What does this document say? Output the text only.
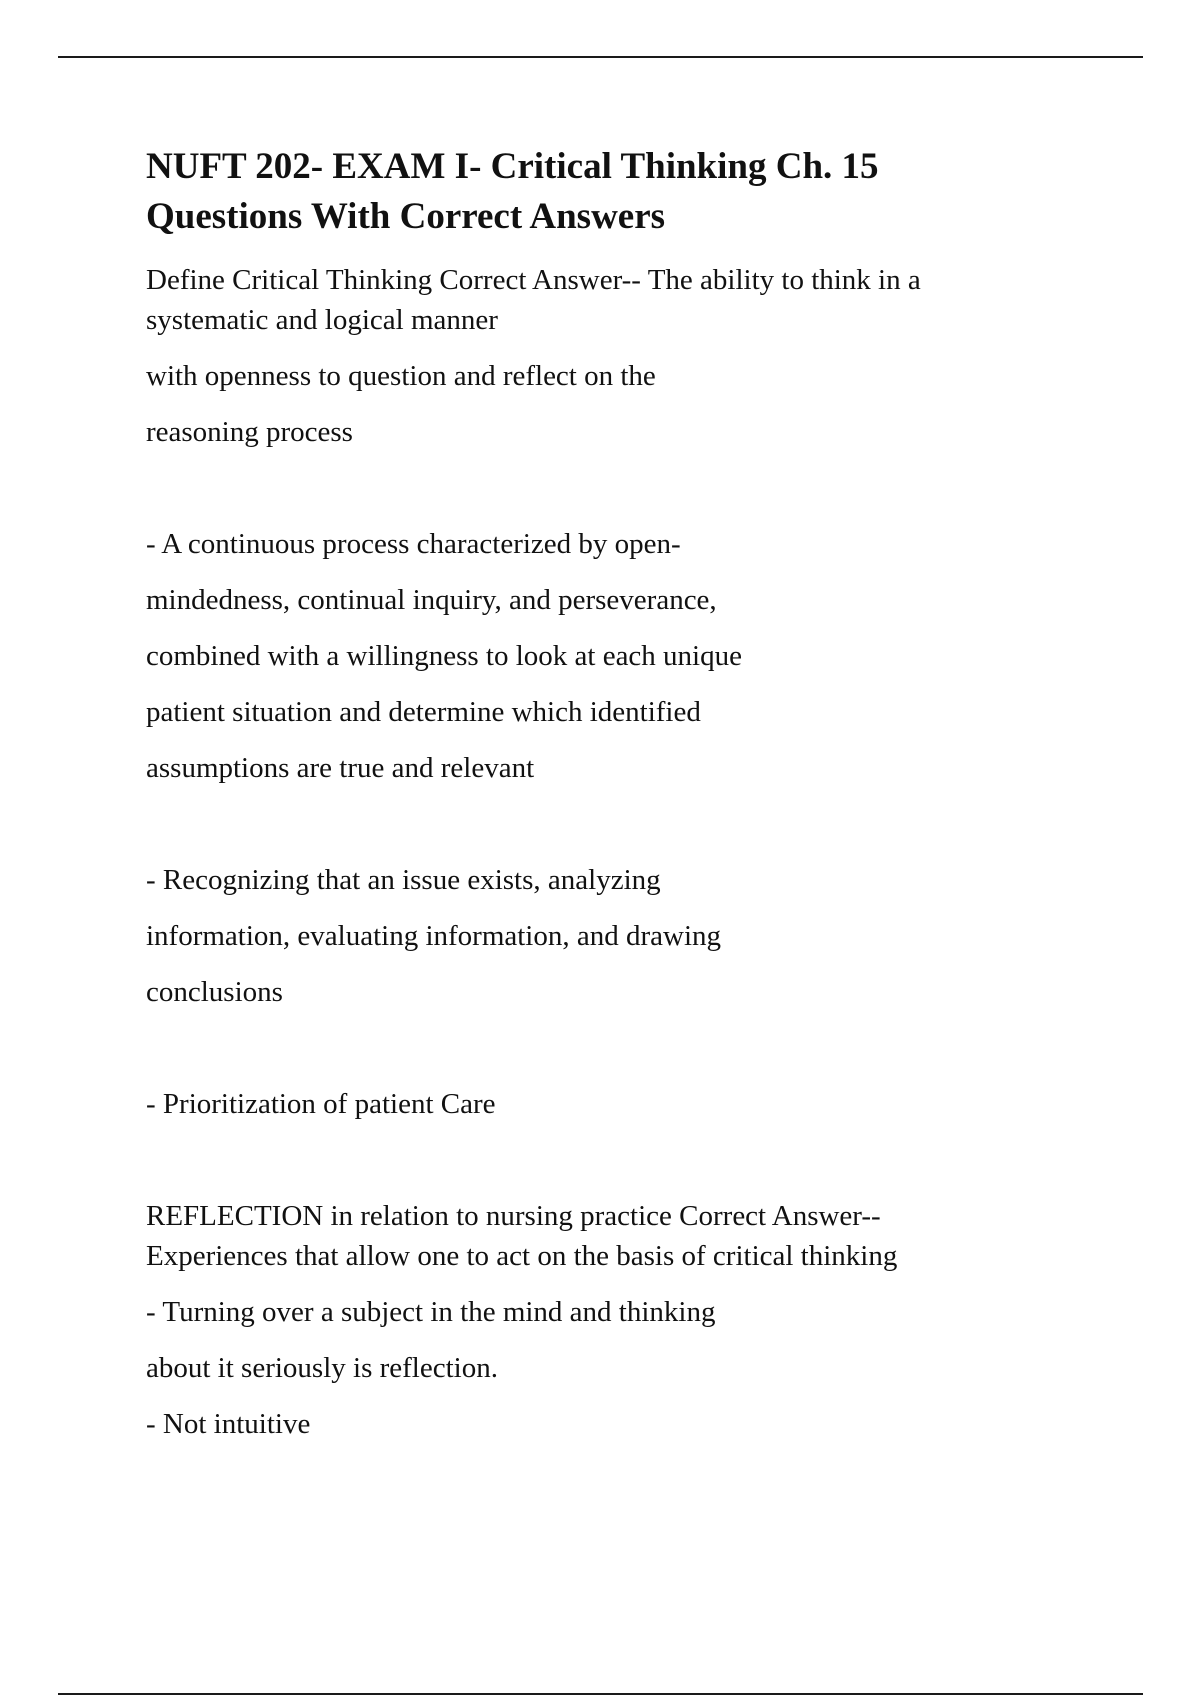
NUFT 202- EXAM I- Critical Thinking Ch. 15
Questions With Correct Answers
Define Critical Thinking Correct Answer-- The ability to think in a
systematic and logical manner
with openness to question and reflect on the
reasoning process
- A continuous process characterized by open-
mindedness, continual inquiry, and perseverance,
combined with a willingness to look at each unique
patient situation and determine which identified
assumptions are true and relevant
- Recognizing that an issue exists, analyzing
information, evaluating information, and drawing
conclusions
- Prioritization of patient Care
REFLECTION in relation to nursing practice Correct Answer--
Experiences that allow one to act on the basis of critical thinking
- Turning over a subject in the mind and thinking
about it seriously is reflection.
- Not intuitive
